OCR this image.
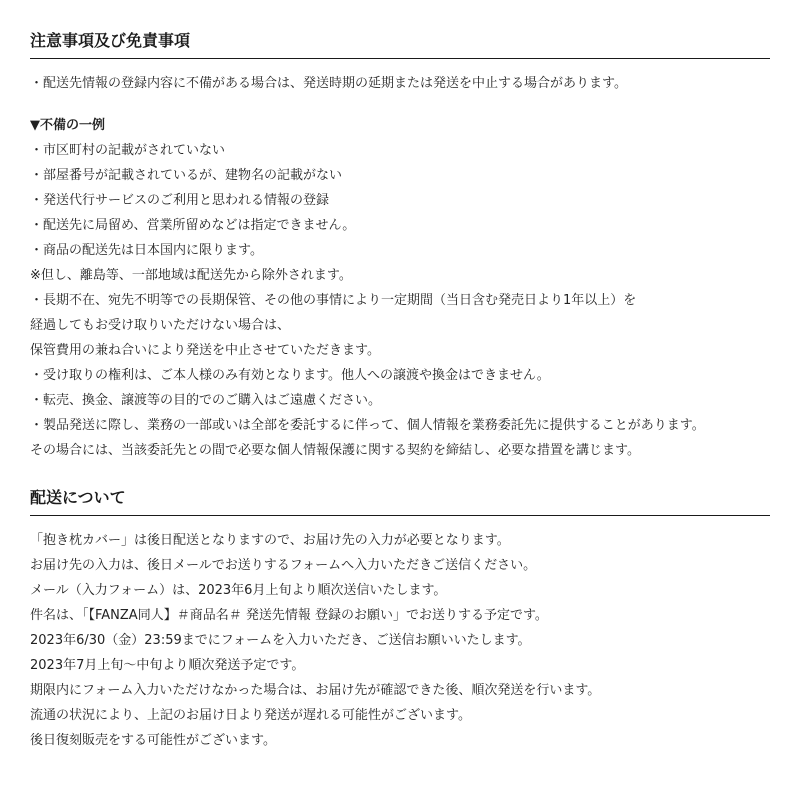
注意事項及び免責事項
・配送先情報の登録内容に不備がある場合は、発送時期の延期または発送を中止する場合があります。
▼不備の一例
・市区町村の記載がされていない
・部屋番号が記載されているが、建物名の記載がない
・発送代行サービスのご利用と思われる情報の登録
・配送先に局留め、営業所留めなどは指定できません。
・商品の配送先は日本国内に限ります。
※但し、離島等、一部地域は配送先から除外されます。
・長期不在、宛先不明等での長期保管、その他の事情により一定期間（当日含む発売日より1年以上）を
経過してもお受け取りいただけない場合は、
保管費用の兼ね合いにより発送を中止させていただきます。
・受け取りの権利は、ご本人様のみ有効となります。他人への譲渡や換金はできません。
・転売、換金、譲渡等の目的でのご購入はご遠慮ください。
・製品発送に際し、業務の一部或いは全部を委託するに伴って、個人情報を業務委託先に提供することがあります。
その場合には、当該委託先との間で必要な個人情報保護に関する契約を締結し、必要な措置を講じます。
配送について
「抱き枕カバー」は後日配送となりますので、お届け先の入力が必要となります。
お届け先の入力は、後日メールでお送りするフォームへ入力いただきご送信ください。
メール（入力フォーム）は、2023年6月上旬より順次送信いたします。
件名は、「【FANZA同人】＃商品名＃ 発送先情報 登録のお願い」でお送りする予定です。
2023年6/30（金）23:59までにフォームを入力いただき、ご送信お願いいたします。
2023年7月上旬～中旬より順次発送予定です。
期限内にフォーム入力いただけなかった場合は、お届け先が確認できた後、順次発送を行います。
流通の状況により、上記のお届け日より発送が遅れる可能性がございます。
後日復刻販売をする可能性がございます。
